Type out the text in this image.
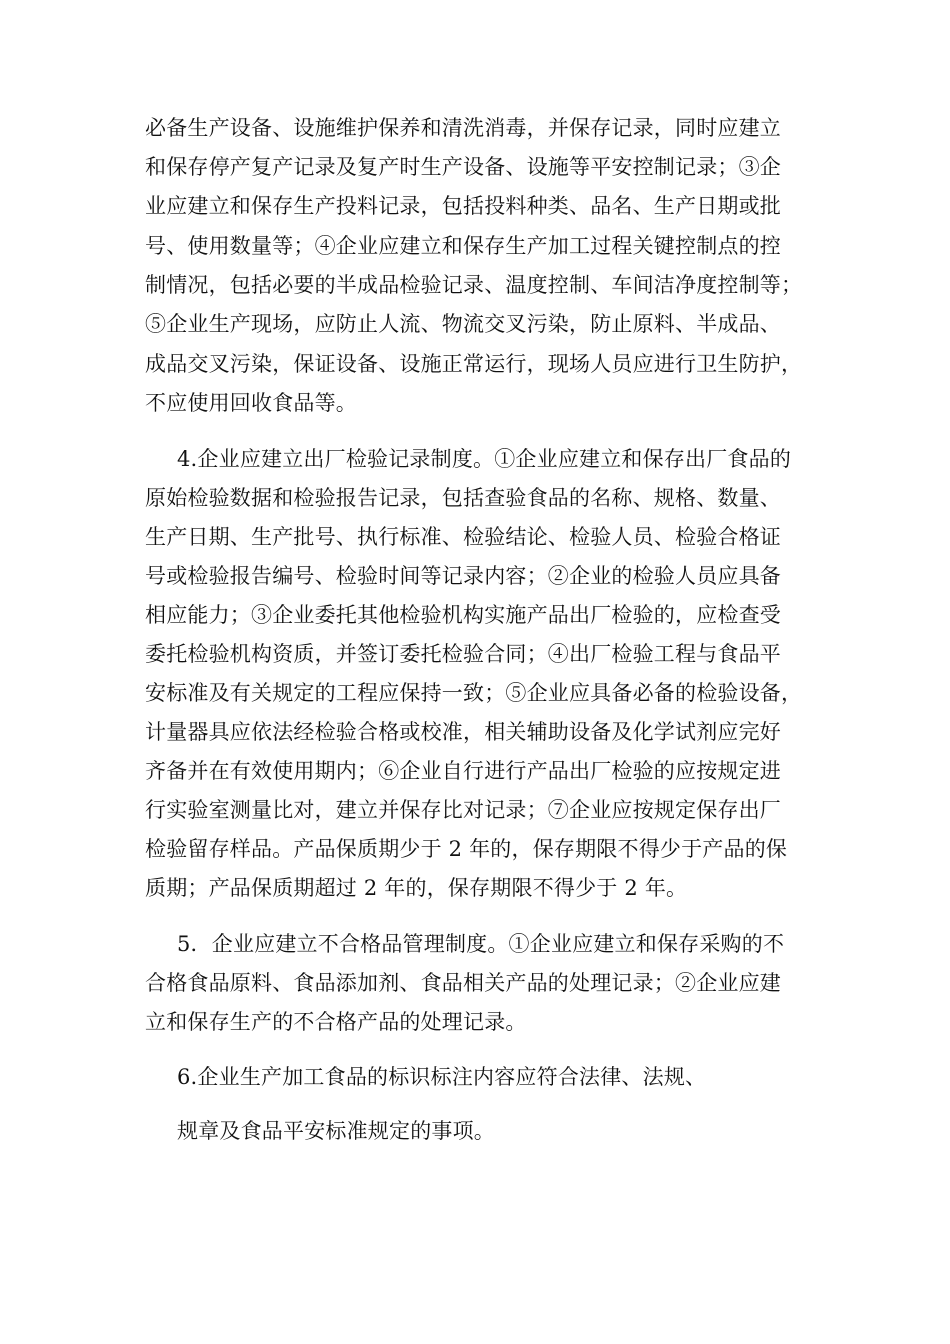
必备生产设备、设施维护保养和清洗消毒，并保存记录，同时应建立
和保存停产复产记录及复产时生产设备、设施等平安控制记录；③企
业应建立和保存生产投料记录，包括投料种类、品名、生产日期或批
号、使用数量等；④企业应建立和保存生产加工过程关键控制点的控
制情况，包括必要的半成品检验记录、温度控制、车间洁净度控制等；
⑤企业生产现场，应防止人流、物流交叉污染，防止原料、半成品、
成品交叉污染，保证设备、设施正常运行，现场人员应进行卫生防护，
不应使用回收食品等。
4.企业应建立出厂检验记录制度。①企业应建立和保存出厂食品的
原始检验数据和检验报告记录，包括查验食品的名称、规格、数量、
生产日期、生产批号、执行标准、检验结论、检验人员、检验合格证
号或检验报告编号、检验时间等记录内容；②企业的检验人员应具备
相应能力；③企业委托其他检验机构实施产品出厂检验的，应检查受
委托检验机构资质，并签订委托检验合同；④出厂检验工程与食品平
安标准及有关规定的工程应保持一致；⑤企业应具备必备的检验设备，
计量器具应依法经检验合格或校准，相关辅助设备及化学试剂应完好
齐备并在有效使用期内；⑥企业自行进行产品出厂检验的应按规定进
行实验室测量比对，建立并保存比对记录；⑦企业应按规定保存出厂
检验留存样品。产品保质期少于 2 年的，保存期限不得少于产品的保
质期；产品保质期超过 2 年的，保存期限不得少于 2 年。
5．企业应建立不合格品管理制度。①企业应建立和保存采购的不
合格食品原料、食品添加剂、食品相关产品的处理记录；②企业应建
立和保存生产的不合格产品的处理记录。
6.企业生产加工食品的标识标注内容应符合法律、法规、
规章及食品平安标准规定的事项。
